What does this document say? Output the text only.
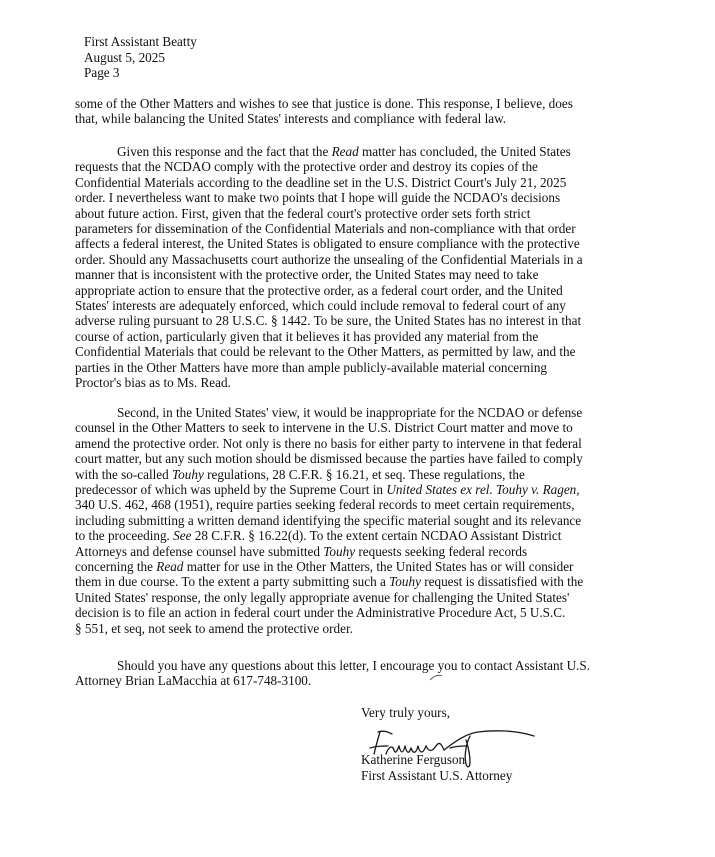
First Assistant Beatty
August 5, 2025
Page 3
some of the Other Matters and wishes to see that justice is done. This response, I believe, does
that, while balancing the United States' interests and compliance with federal law.
Given this response and the fact that the Read matter has concluded, the United States
requests that the NCDAO comply with the protective order and destroy its copies of the
Confidential Materials according to the deadline set in the U.S. District Court's July 21, 2025
order. I nevertheless want to make two points that I hope will guide the NCDAO's decisions
about future action. First, given that the federal court's protective order sets forth strict
parameters for dissemination of the Confidential Materials and non-compliance with that order
affects a federal interest, the United States is obligated to ensure compliance with the protective
order. Should any Massachusetts court authorize the unsealing of the Confidential Materials in a
manner that is inconsistent with the protective order, the United States may need to take
appropriate action to ensure that the protective order, as a federal court order, and the United
States' interests are adequately enforced, which could include removal to federal court of any
adverse ruling pursuant to 28 U.S.C. § 1442. To be sure, the United States has no interest in that
course of action, particularly given that it believes it has provided any material from the
Confidential Materials that could be relevant to the Other Matters, as permitted by law, and the
parties in the Other Matters have more than ample publicly-available material concerning
Proctor's bias as to Ms. Read.
Second, in the United States' view, it would be inappropriate for the NCDAO or defense
counsel in the Other Matters to seek to intervene in the U.S. District Court matter and move to
amend the protective order. Not only is there no basis for either party to intervene in that federal
court matter, but any such motion should be dismissed because the parties have failed to comply
with the so-called Touhy regulations, 28 C.F.R. § 16.21, et seq. These regulations, the
predecessor of which was upheld by the Supreme Court in United States ex rel. Touhy v. Ragen,
340 U.S. 462, 468 (1951), require parties seeking federal records to meet certain requirements,
including submitting a written demand identifying the specific material sought and its relevance
to the proceeding. See 28 C.F.R. § 16.22(d). To the extent certain NCDAO Assistant District
Attorneys and defense counsel have submitted Touhy requests seeking federal records
concerning the Read matter for use in the Other Matters, the United States has or will consider
them in due course. To the extent a party submitting such a Touhy request is dissatisfied with the
United States' response, the only legally appropriate avenue for challenging the United States'
decision is to file an action in federal court under the Administrative Procedure Act, 5 U.S.C.
§ 551, et seq, not seek to amend the protective order.
Should you have any questions about this letter, I encourage you to contact Assistant U.S.
Attorney Brian LaMacchia at 617-748-3100.
Very truly yours,
Katherine Ferguson
First Assistant U.S. Attorney
